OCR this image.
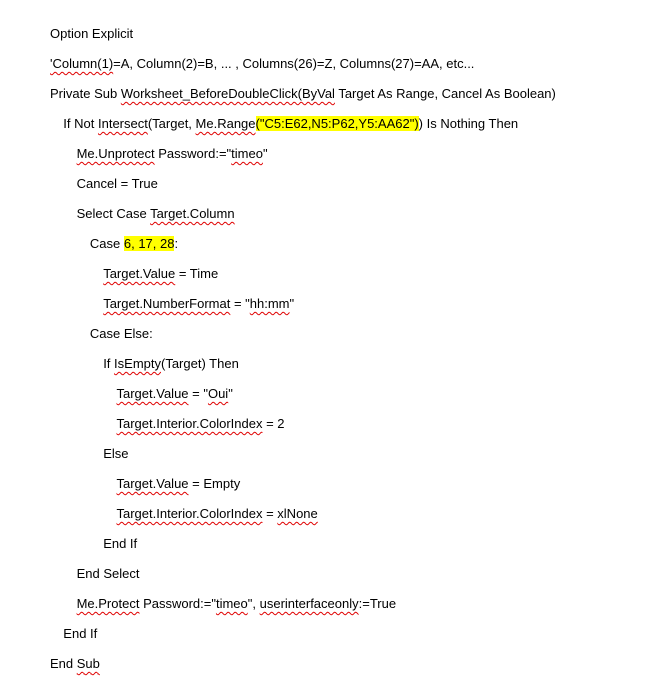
Option Explicit
'Column(1)=A, Column(2)=B, ... , Columns(26)=Z, Columns(27)=AA, etc...
Private Sub Worksheet_BeforeDoubleClick(ByVal Target As Range, Cancel As Boolean)
If Not Intersect(Target, Me.Range("C5:E62,N5:P62,Y5:AA62")) Is Nothing Then
Me.Unprotect Password:="timeo"
Cancel = True
Select Case Target.Column
Case 6, 17, 28:
Target.Value = Time
Target.NumberFormat = "hh:mm"
Case Else:
If IsEmpty(Target) Then
Target.Value = "Oui"
Target.Interior.ColorIndex = 2
Else
Target.Value = Empty
Target.Interior.ColorIndex = xlNone
End If
End Select
Me.Protect Password:="timeo", userinterfaceonly:=True
End If
End Sub
